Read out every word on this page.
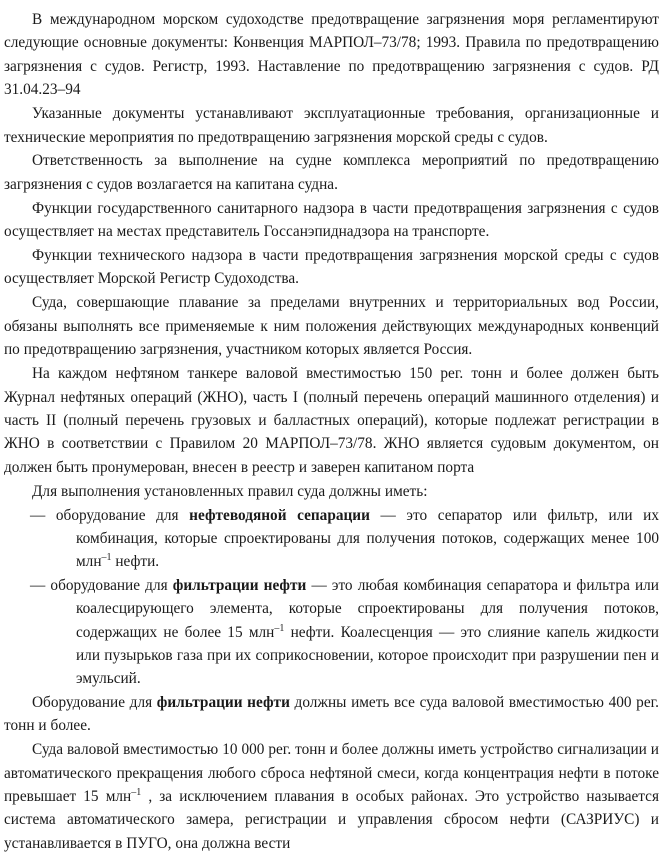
В международном морском судоходстве предотвращение загрязнения моря регламентируют следующие основные документы: Конвенция МАРПОЛ–73/78; 1993. Правила по предотвращению загрязнения с судов. Регистр, 1993. Наставление по предотвращению загрязнения с судов. РД 31.04.23–94

Указанные документы устанавливают эксплуатационные требования, организационные и технические мероприятия по предотвращению загрязнения морской среды с судов.

Ответственность за выполнение на судне комплекса мероприятий по предотвращению загрязнения с судов возлагается на капитана судна.

Функции государственного санитарного надзора в части предотвращения загрязнения с судов осуществляет на местах представитель Госсанэпиднадзора на транспорте.

Функции технического надзора в части предотвращения загрязнения морской среды с судов осуществляет Морской Регистр Судоходства.

Суда, совершающие плавание за пределами внутренних и территориальных вод России, обязаны выполнять все применяемые к ним положения действующих международных конвенций по предотвращению загрязнения, участником которых является Россия.

На каждом нефтяном танкере валовой вместимостью 150 рег. тонн и более должен быть Журнал нефтяных операций (ЖНО), часть I (полный перечень операций машинного отделения) и часть II (полный перечень грузовых и балластных операций), которые подлежат регистрации в ЖНО в соответствии с Правилом 20 МАРПОЛ–73/78. ЖНО является судовым документом, он должен быть пронумерован, внесен в реестр и заверен капитаном порта

Для выполнения установленных правил суда должны иметь:

— оборудование для нефтеводяной сепарации — это сепаратор или фильтр, или их комбинация, которые спроектированы для получения потоков, содержащих менее 100 млн$^{-1}$ нефти.
— оборудование для фильтрации нефти — это любая комбинация сепаратора и фильтра или коалесцирующего элемента, которые спроектированы для получения потоков, содержащих не более 15 млн$^{-1}$ нефти. Коалесценция — это слияние капель жидкости или пузырьков газа при их соприкосновении, которое происходит при разрушении пен и эмульсий.

Оборудование для фильтрации нефти должны иметь все суда валовой вместимостью 400 рег. тонн и более.

Суда валовой вместимостью 10 000 рег. тонн и более должны иметь устройство сигнализации и автоматического прекращения любого сброса нефтяной смеси, когда концентрация нефти в потоке превышает 15 млн$^{-1}$ , за исключением плавания в особых районах. Это устройство называется система автоматического замера, регистрации и управления сбросом нефти (САЗРИУС) и устанавливается в ПУГО, она должна вести
